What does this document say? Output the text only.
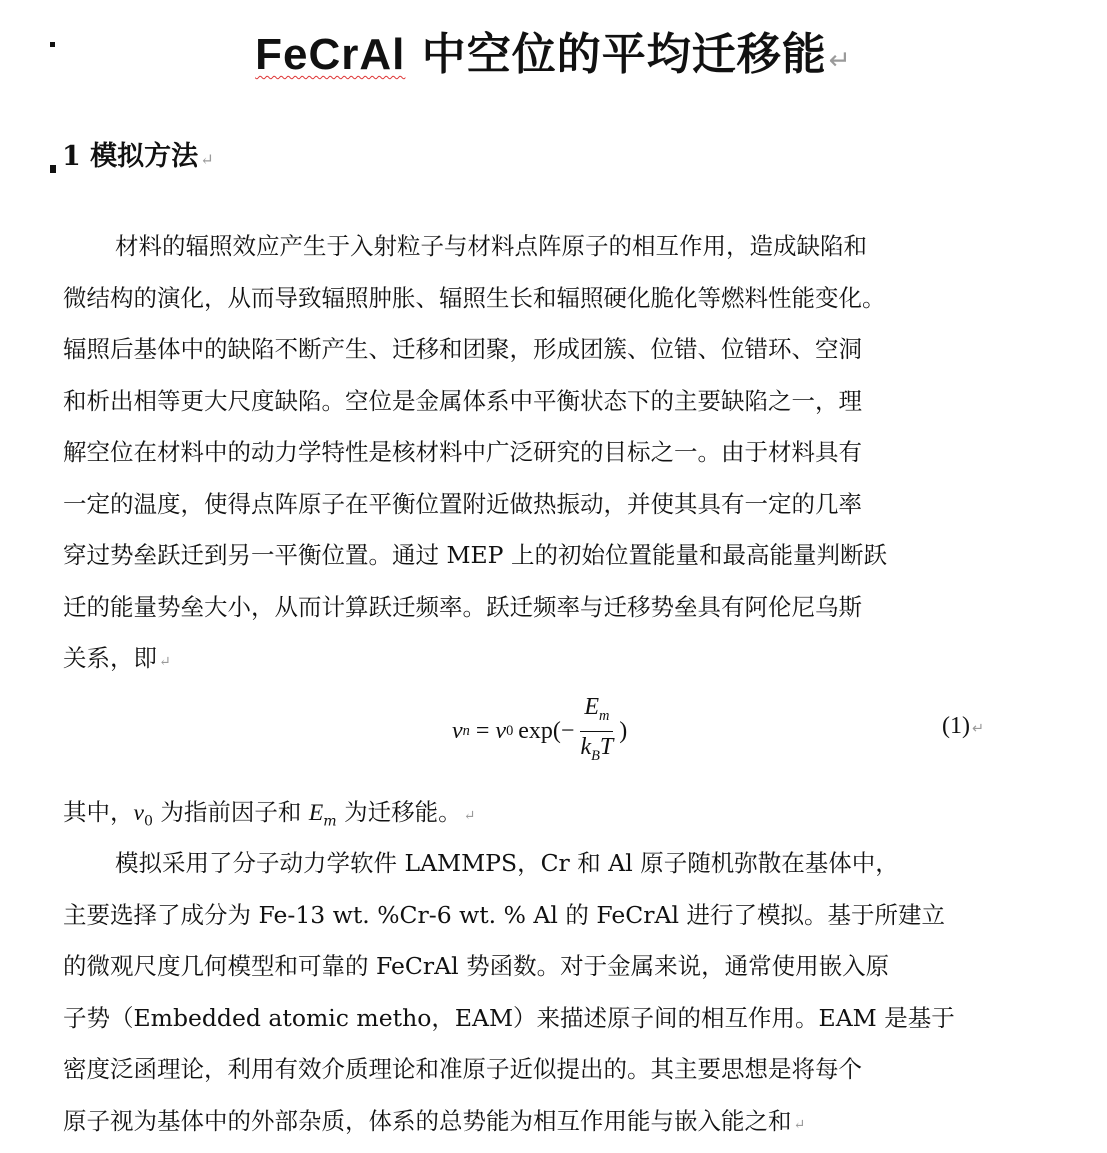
FeCrAl 中空位的平均迁移能↵
1 模拟方法 ↵
材料的辐照效应产生于入射粒子与材料点阵原子的相互作用，造成缺陷和
微结构的演化，从而导致辐照肿胀、辐照生长和辐照硬化脆化等燃料性能变化。
辐照后基体中的缺陷不断产生、迁移和团聚，形成团簇、位错、位错环、空洞
和析出相等更大尺度缺陷。空位是金属体系中平衡状态下的主要缺陷之一，理
解空位在材料中的动力学特性是核材料中广泛研究的目标之一。由于材料具有
一定的温度，使得点阵原子在平衡位置附近做热振动，并使其具有一定的几率
穿过势垒跃迁到另一平衡位置。通过 MEP 上的初始位置能量和最高能量判断跃
迁的能量势垒大小，从而计算跃迁频率。跃迁频率与迁移势垒具有阿伦尼乌斯
关系，即 ↵
ν n = ν 0 $\exp(- \frac{E_m}{k_BT}$ )	(1) ↵
其中，$v_0$ 为指前因子和 $E_m$ 为迁移能。 ↵
模拟采用了分子动力学软件 LAMMPS，Cr 和 Al 原子随机弥散在基体中，
主要选择了成分为 Fe-13 wt. %Cr-6 wt. % Al 的 FeCrAl 进行了模拟。基于所建立
的微观尺度几何模型和可靠的 FeCrAl 势函数。对于金属来说，通常使用嵌入原
子势（Embedded atomic metho，EAM）来描述原子间的相互作用。EAM 是基于
密度泛函理论，利用有效介质理论和准原子近似提出的。其主要思想是将每个
原子视为基体中的外部杂质，体系的总势能为相互作用能与嵌入能之和 ↵
